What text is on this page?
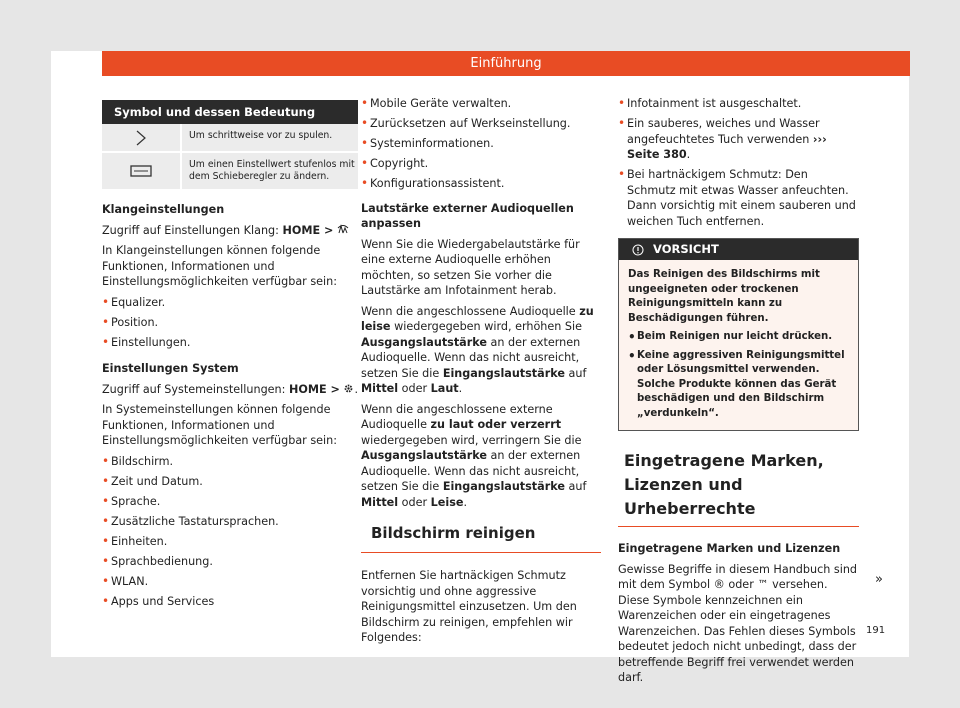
Einführung
Symbol und dessen Bedeutung
Um schrittweise vor zu spulen.
Um einen Einstellwert stufenlos mit dem Schieberegler zu ändern.

Klangeinstellungen

Zugriff auf Einstellungen Klang: HOME >

In Klangeinstellungen können folgende Funktionen, Informationen und Einstellungsmöglichkeiten verfügbar sein:

• Equalizer.
• Position.
• Einstellungen.

Einstellungen System

Zugriff auf Systemeinstellungen: HOME > .

In Systemeinstellungen können folgende Funktionen, Informationen und Einstellungsmöglichkeiten verfügbar sein:

• Bildschirm.
• Zeit und Datum.
• Sprache.
• Zusätzliche Tastatursprachen.
• Einheiten.
• Sprachbedienung.
• WLAN.
• Apps und Services
• Mobile Geräte verwalten.
• Zurücksetzen auf Werkseinstellung.
• Systeminformationen.
• Copyright.
• Konfigurationsassistent.

Lautstärke externer Audioquellen anpassen

Wenn Sie die Wiedergabelautstärke für eine externe Audioquelle erhöhen möchten, so setzen Sie vorher die Lautstärke am Infotainment herab.

Wenn die angeschlossene Audioquelle zu leise wiedergegeben wird, erhöhen Sie Ausgangslautstärke an der externen Audioquelle. Wenn das nicht ausreicht, setzen Sie die Eingangslautstärke auf Mittel oder Laut.

Wenn die angeschlossene externe Audioquelle zu laut oder verzerrt wiedergegeben wird, verringern Sie die Ausgangslautstärke an der externen Audioquelle. Wenn das nicht ausreicht, setzen Sie die Eingangslautstärke auf Mittel oder Leise.

Bildschirm reinigen

Entfernen Sie hartnäckigen Schmutz vorsichtig und ohne aggressive Reinigungsmittel einzusetzen. Um den Bildschirm zu reinigen, empfehlen wir Folgendes:

• Infotainment ist ausgeschaltet.
• Ein sauberes, weiches und Wasser angefeuchtetes Tuch verwenden ››› Seite 380.
• Bei hartnäckigem Schmutz: Den Schmutz mit etwas Wasser anfeuchten. Dann vorsichtig mit einem sauberen und weichen Tuch entfernen.
VORSICHT

Das Reinigen des Bildschirms mit ungeeigneten oder trockenen Reinigungsmitteln kann zu Beschädigungen führen.

• Beim Reinigen nur leicht drücken.
• Keine aggressiven Reinigungsmittel oder Lösungsmittel verwenden. Solche Produkte können das Gerät beschädigen und den Bildschirm „verdunkeln“.
Eingetragene Marken, Lizenzen und Urheberrechte

Eingetragene Marken und Lizenzen

Gewisse Begriffe in diesem Handbuch sind mit dem Symbol ® oder ™ versehen. Diese Symbole kennzeichnen ein Warenzeichen oder ein eingetragenes Warenzeichen. Das Fehlen dieses Symbols bedeutet jedoch nicht unbedingt, dass der betreffende Begriff frei verwendet werden darf.

»
191
